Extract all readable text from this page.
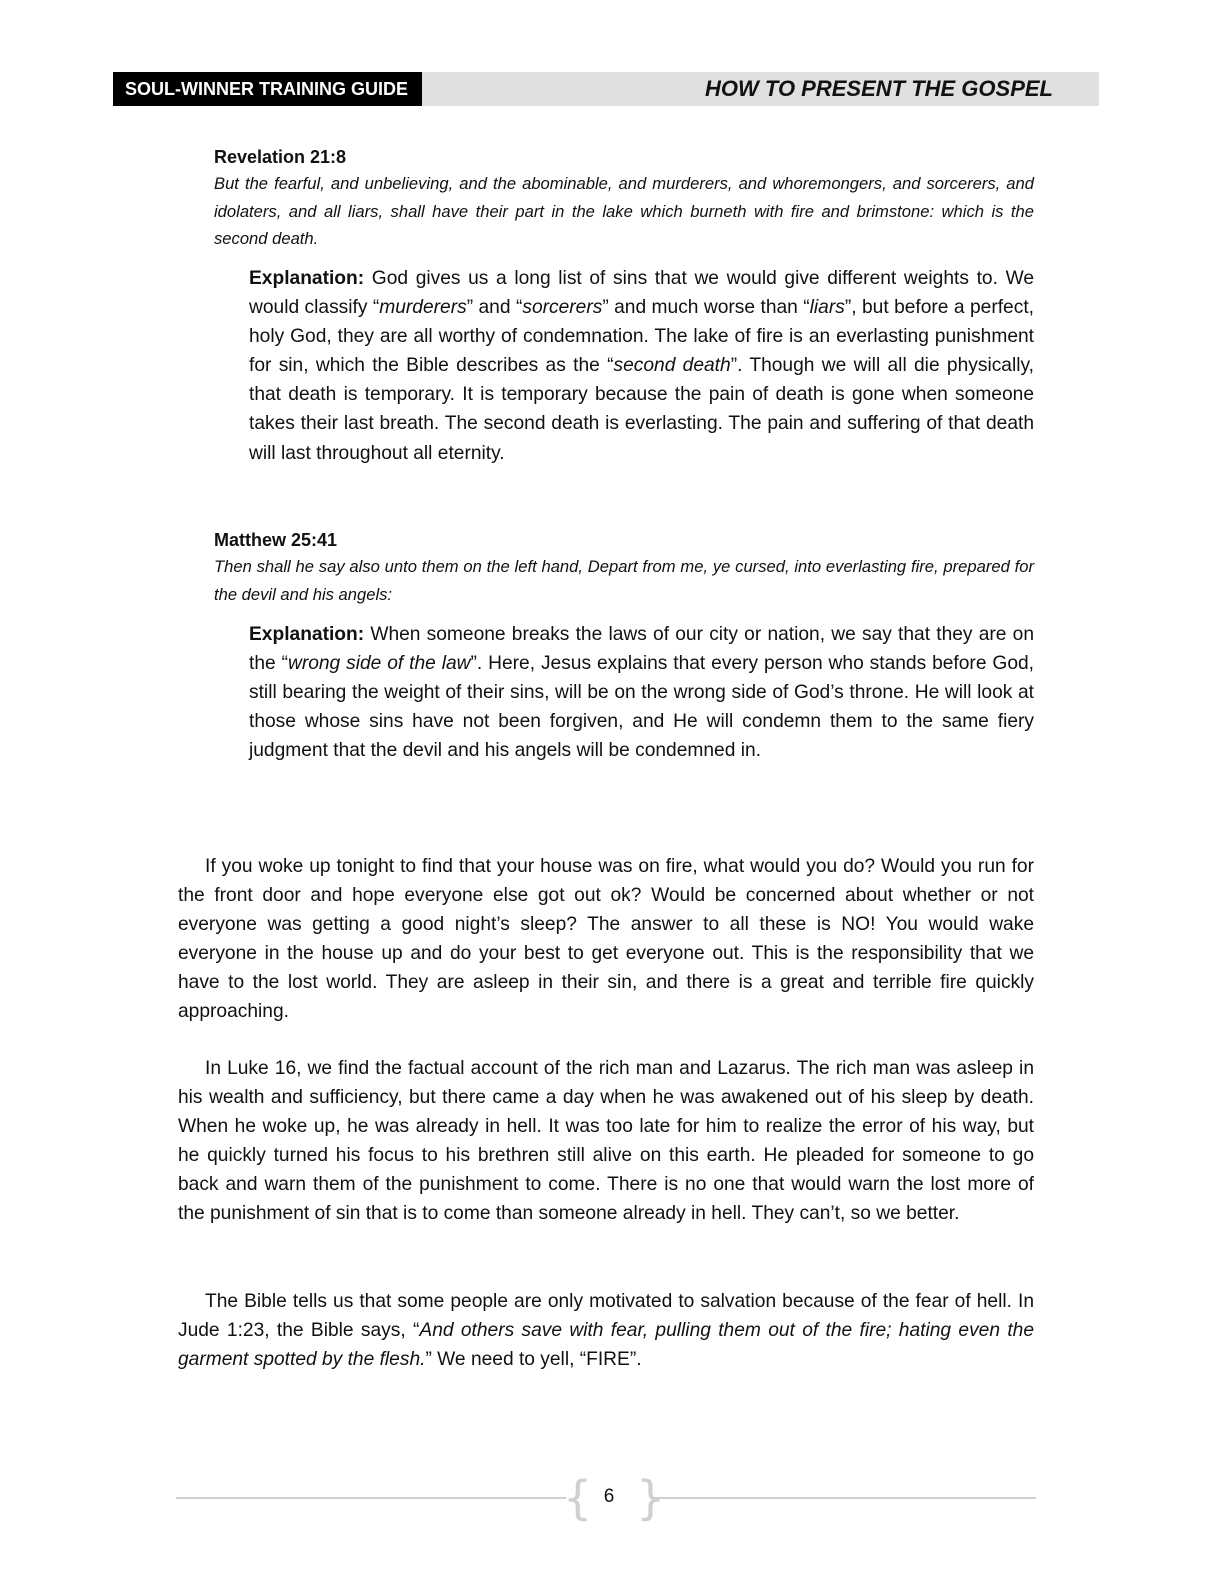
SOUL-WINNER TRAINING GUIDE	HOW TO PRESENT THE GOSPEL
Revelation 21:8

But the fearful, and unbelieving, and the abominable, and murderers, and whoremongers, and sorcerers, and idolaters, and all liars, shall have their part in the lake which burneth with fire and brimstone: which is the second death.

Explanation: God gives us a long list of sins that we would give different weights to. We would classify “murderers” and “sorcerers” and much worse than “liars”, but before a perfect, holy God, they are all worthy of condemnation. The lake of fire is an everlasting punishment for sin, which the Bible describes as the “second death”. Though we will all die physically, that death is temporary. It is temporary because the pain of death is gone when someone takes their last breath. The second death is everlasting. The pain and suffering of that death will last throughout all eternity.

Matthew 25:41

Then shall he say also unto them on the left hand, Depart from me, ye cursed, into everlasting fire, prepared for the devil and his angels:

Explanation: When someone breaks the laws of our city or nation, we say that they are on the “wrong side of the law”. Here, Jesus explains that every person who stands before God, still bearing the weight of their sins, will be on the wrong side of God’s throne. He will look at those whose sins have not been forgiven, and He will condemn them to the same fiery judgment that the devil and his angels will be condemned in.

If you woke up tonight to find that your house was on fire, what would you do? Would you run for the front door and hope everyone else got out ok? Would be concerned about whether or not everyone was getting a good night’s sleep? The answer to all these is NO! You would wake everyone in the house up and do your best to get everyone out. This is the responsibility that we have to the lost world. They are asleep in their sin, and there is a great and terrible fire quickly approaching.

In Luke 16, we find the factual account of the rich man and Lazarus. The rich man was asleep in his wealth and sufficiency, but there came a day when he was awakened out of his sleep by death. When he woke up, he was already in hell. It was too late for him to realize the error of his way, but he quickly turned his focus to his brethren still alive on this earth. He pleaded for someone to go back and warn them of the punishment to come. There is no one that would warn the lost more of the punishment of sin that is to come than someone already in hell. They can’t, so we better.

The Bible tells us that some people are only motivated to salvation because of the fear of hell. In Jude 1:23, the Bible says, “And others save with fear, pulling them out of the fire; hating even the garment spotted by the flesh.” We need to yell, “FIRE”.

{ }
6
